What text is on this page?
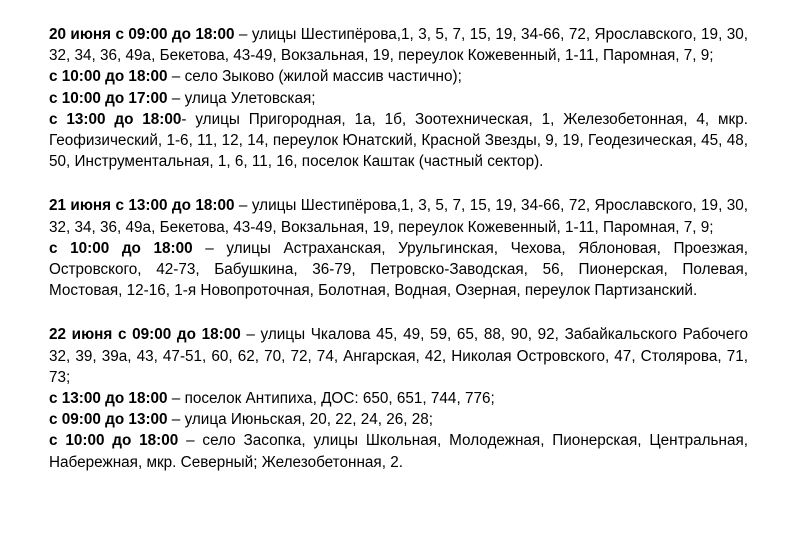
20 июня с 09:00 до 18:00 – улицы Шестипёрова,1, 3, 5, 7, 15, 19, 34-66, 72, Ярославского, 19, 30, 32, 34, 36, 49а, Бекетова, 43-49, Вокзальная, 19, переулок Кожевенный, 1-11, Паромная, 7, 9;

с 10:00 до 18:00 – село Зыково (жилой массив частично);

с 10:00 до 17:00 – улица Улетовская;

с 13:00 до 18:00- улицы Пригородная, 1а, 1б, Зоотехническая, 1, Железобетонная, 4, мкр. Геофизический, 1-6, 11, 12, 14, переулок Юнатский, Красной Звезды, 9, 19, Геодезическая, 45, 48, 50, Инструментальная, 1, 6, 11, 16, поселок Каштак (частный сектор).

21 июня с 13:00 до 18:00 – улицы Шестипёрова,1, 3, 5, 7, 15, 19, 34-66, 72, Ярославского, 19, 30, 32, 34, 36, 49а, Бекетова, 43-49, Вокзальная, 19, переулок Кожевенный, 1-11, Паромная, 7, 9;

с 10:00 до 18:00 – улицы Астраханская, Урульгинская, Чехова, Яблоновая, Проезжая, Островского, 42-73, Бабушкина, 36-79, Петровско-Заводская, 56, Пионерская, Полевая, Мостовая, 12-16, 1-я Новопроточная, Болотная, Водная, Озерная, переулок Партизанский.

22 июня с 09:00 до 18:00 – улицы Чкалова 45, 49, 59, 65, 88, 90, 92, Забайкальского Рабочего 32, 39, 39а, 43, 47-51, 60, 62, 70, 72, 74, Ангарская, 42, Николая Островского, 47, Столярова, 71, 73;

с 13:00 до 18:00 – поселок Антипиха, ДОС: 650, 651, 744, 776;

с 09:00 до 13:00 – улица Июньская, 20, 22, 24, 26, 28;

с 10:00 до 18:00 – село Засопка, улицы Школьная, Молодежная, Пионерская, Центральная, Набережная, мкр. Северный; Железобетонная, 2.
